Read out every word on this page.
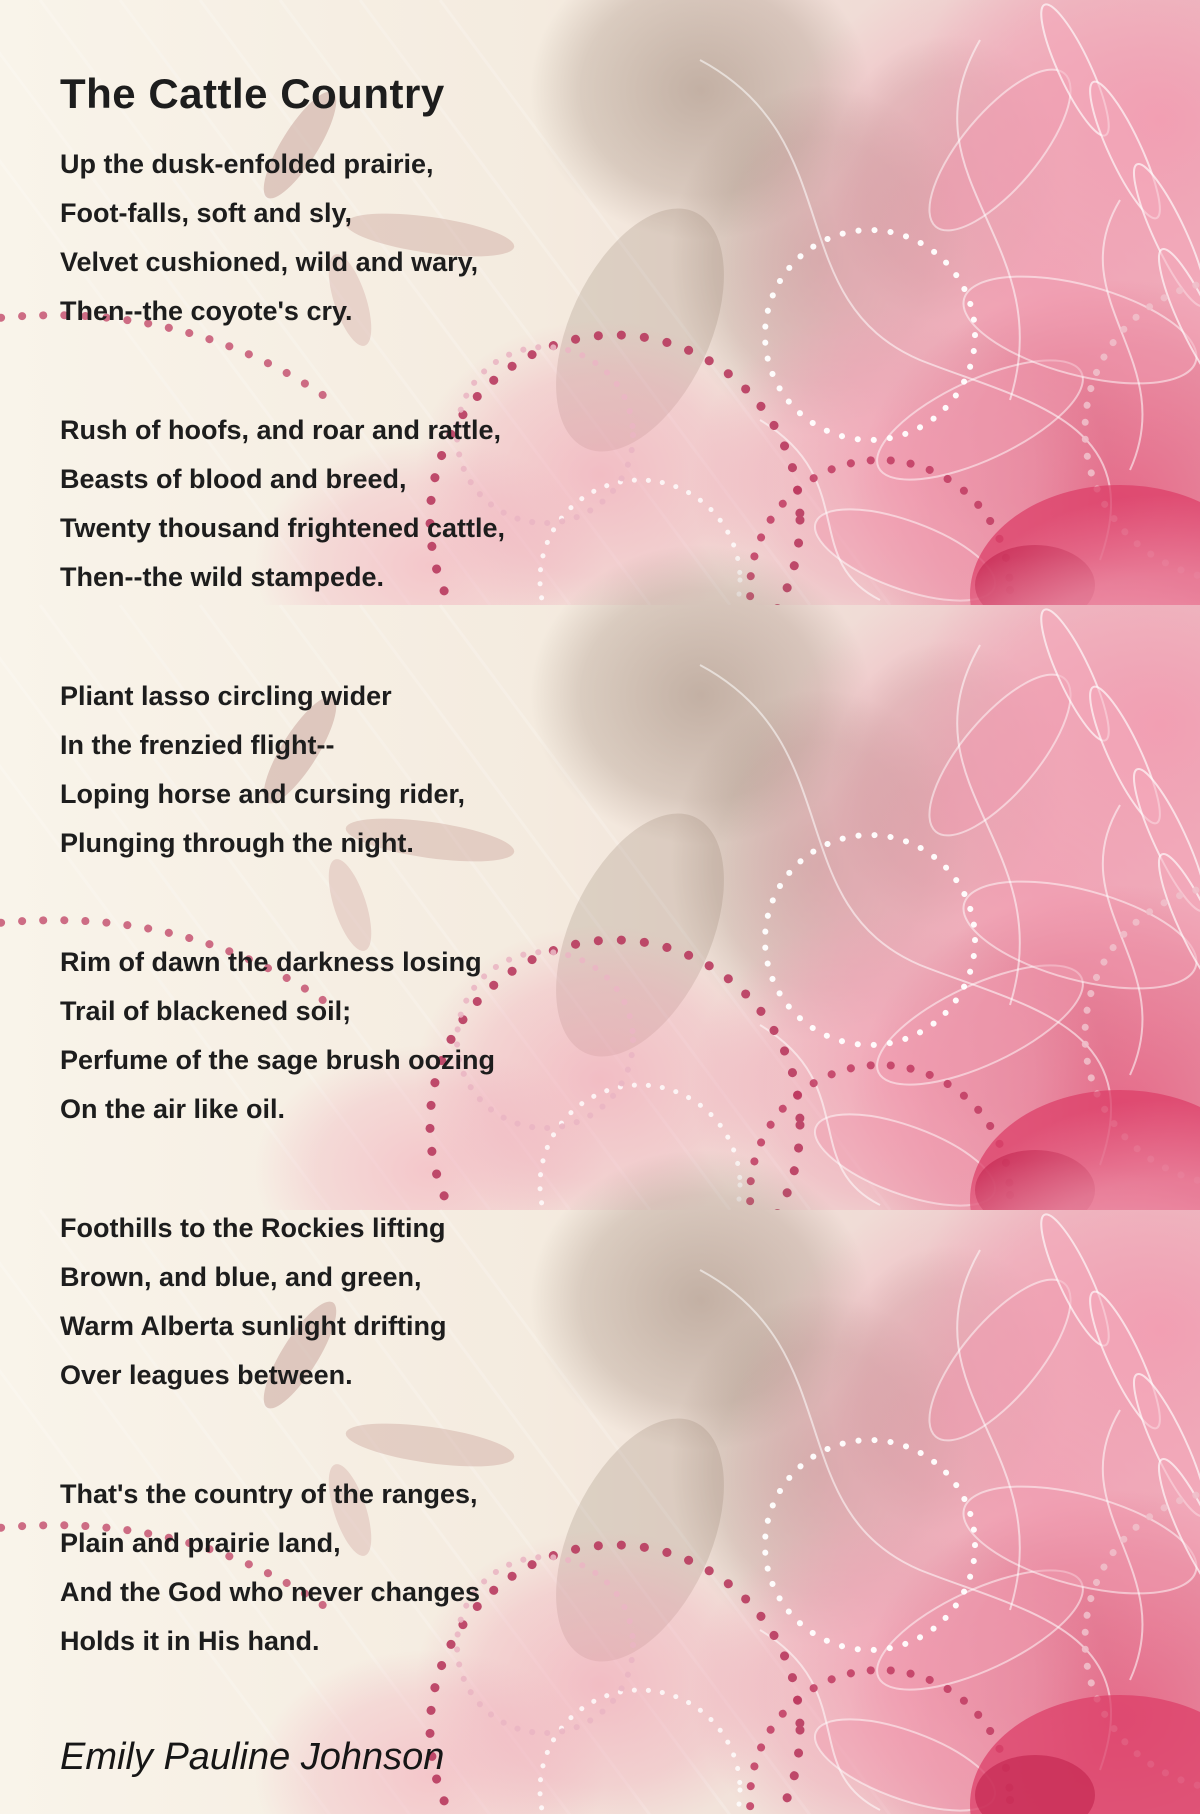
The Cattle Country
Up the dusk-enfolded prairie,
Foot-falls, soft and sly,
Velvet cushioned, wild and wary,
Then--the coyote's cry.
Rush of hoofs, and roar and rattle,
Beasts of blood and breed,
Twenty thousand frightened cattle,
Then--the wild stampede.
Pliant lasso circling wider
In the frenzied flight--
Loping horse and cursing rider,
Plunging through the night.
Rim of dawn the darkness losing
Trail of blackened soil;
Perfume of the sage brush oozing
On the air like oil.
Foothills to the Rockies lifting
Brown, and blue, and green,
Warm Alberta sunlight drifting
Over leagues between.
That's the country of the ranges,
Plain and prairie land,
And the God who never changes
Holds it in His hand.
Emily Pauline Johnson
